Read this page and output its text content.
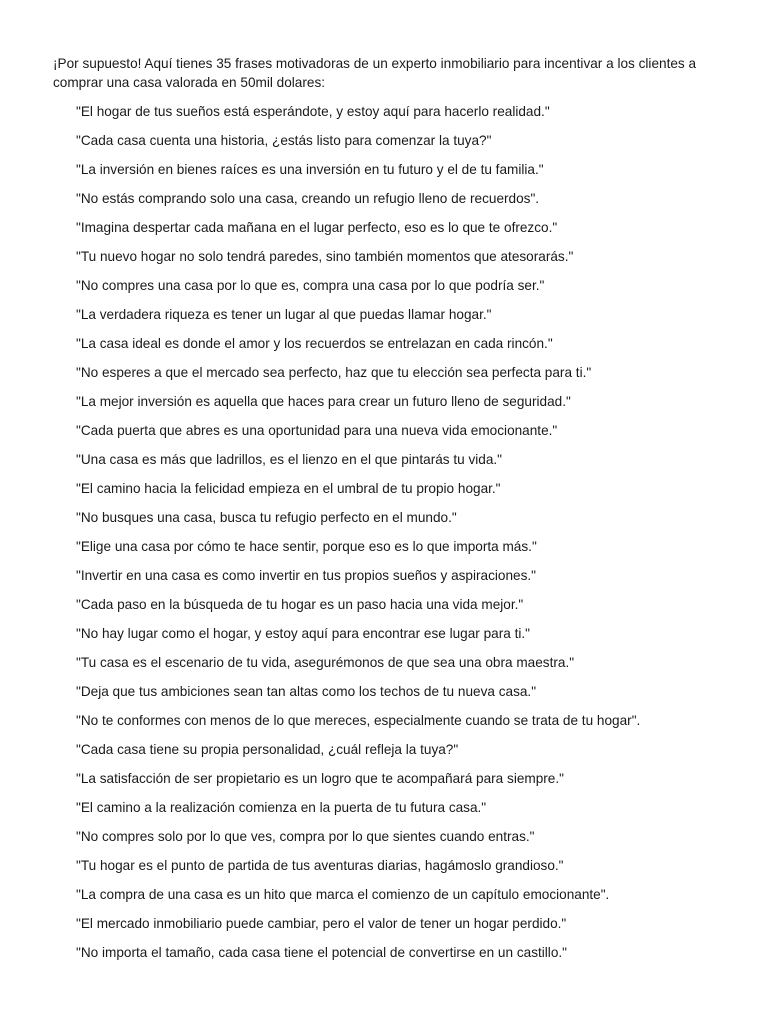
¡Por supuesto! Aquí tienes 35 frases motivadoras de un experto inmobiliario para incentivar a los clientes a comprar una casa valorada en 50mil dolares:

"El hogar de tus sueños está esperándote, y estoy aquí para hacerlo realidad."
"Cada casa cuenta una historia, ¿estás listo para comenzar la tuya?"
"La inversión en bienes raíces es una inversión en tu futuro y el de tu familia."
"No estás comprando solo una casa, creando un refugio lleno de recuerdos".
"Imagina despertar cada mañana en el lugar perfecto, eso es lo que te ofrezco."
"Tu nuevo hogar no solo tendrá paredes, sino también momentos que atesorarás."
"No compres una casa por lo que es, compra una casa por lo que podría ser."
"La verdadera riqueza es tener un lugar al que puedas llamar hogar."
"La casa ideal es donde el amor y los recuerdos se entrelazan en cada rincón."
"No esperes a que el mercado sea perfecto, haz que tu elección sea perfecta para ti."
"La mejor inversión es aquella que haces para crear un futuro lleno de seguridad."
"Cada puerta que abres es una oportunidad para una nueva vida emocionante."
"Una casa es más que ladrillos, es el lienzo en el que pintarás tu vida."
"El camino hacia la felicidad empieza en el umbral de tu propio hogar."
"No busques una casa, busca tu refugio perfecto en el mundo."
"Elige una casa por cómo te hace sentir, porque eso es lo que importa más."
"Invertir en una casa es como invertir en tus propios sueños y aspiraciones."
"Cada paso en la búsqueda de tu hogar es un paso hacia una vida mejor."
"No hay lugar como el hogar, y estoy aquí para encontrar ese lugar para ti."
"Tu casa es el escenario de tu vida, asegurémonos de que sea una obra maestra."
"Deja que tus ambiciones sean tan altas como los techos de tu nueva casa."
"No te conformes con menos de lo que mereces, especialmente cuando se trata de tu hogar".
"Cada casa tiene su propia personalidad, ¿cuál refleja la tuya?"
"La satisfacción de ser propietario es un logro que te acompañará para siempre."
"El camino a la realización comienza en la puerta de tu futura casa."
"No compres solo por lo que ves, compra por lo que sientes cuando entras."
"Tu hogar es el punto de partida de tus aventuras diarias, hagámoslo grandioso."
"La compra de una casa es un hito que marca el comienzo de un capítulo emocionante".
"El mercado inmobiliario puede cambiar, pero el valor de tener un hogar perdido."
"No importa el tamaño, cada casa tiene el potencial de convertirse en un castillo."
